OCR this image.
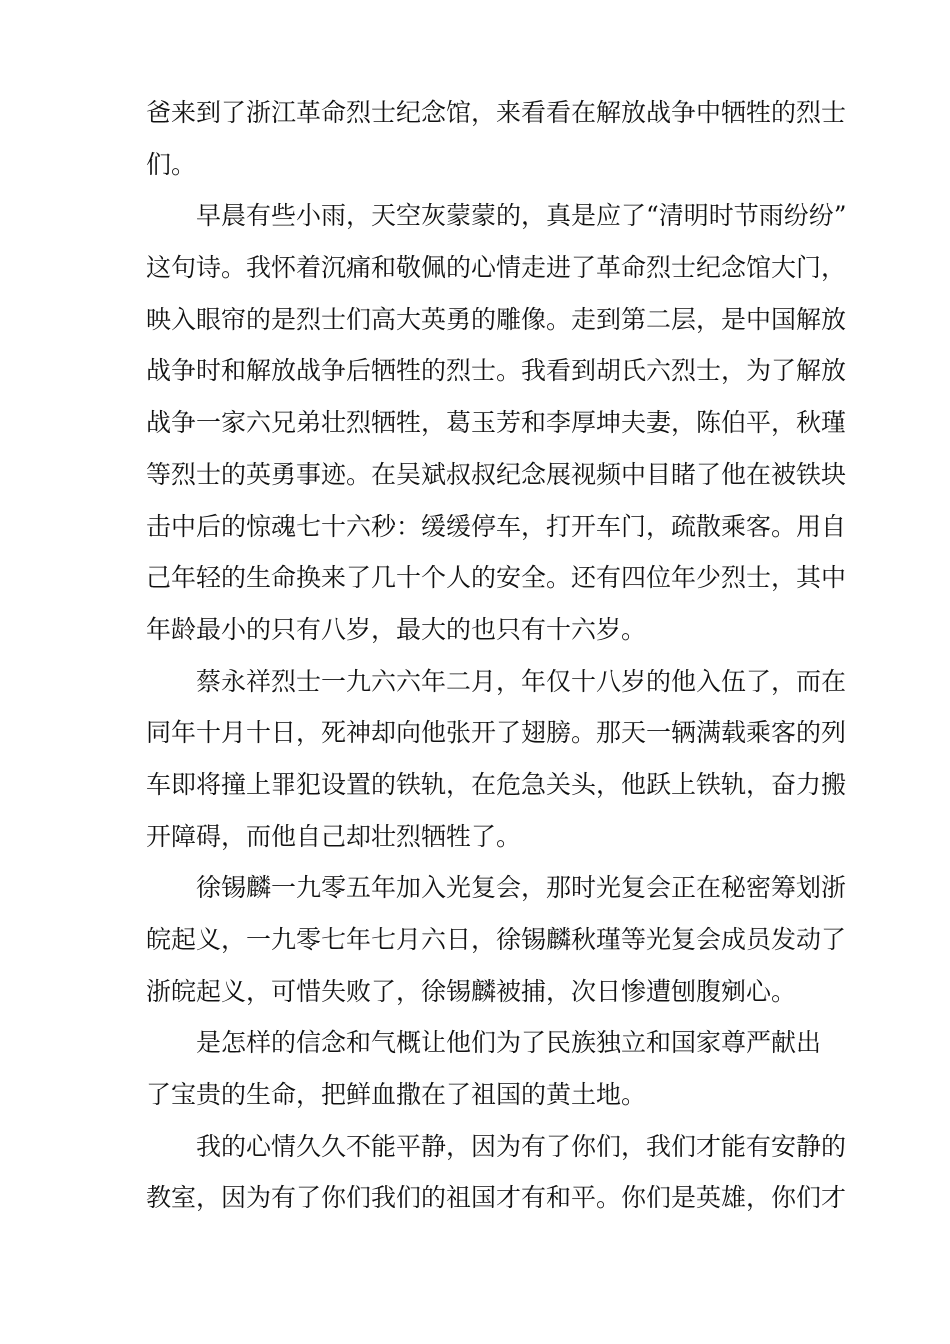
爸来到了浙江革命烈士纪念馆，来看看在解放战争中牺牲的烈士
们。
　　早晨有些小雨，天空灰蒙蒙的，真是应了“清明时节雨纷纷”
这句诗。我怀着沉痛和敬佩的心情走进了革命烈士纪念馆大门，
映入眼帘的是烈士们高大英勇的雕像。走到第二层，是中国解放
战争时和解放战争后牺牲的烈士。我看到胡氏六烈士，为了解放
战争一家六兄弟壮烈牺牲，葛玉芳和李厚坤夫妻，陈伯平，秋瑾
等烈士的英勇事迹。在吴斌叔叔纪念展视频中目睹了他在被铁块
击中后的惊魂七十六秒：缓缓停车，打开车门，疏散乘客。用自
己年轻的生命换来了几十个人的安全。还有四位年少烈士，其中
年龄最小的只有八岁，最大的也只有十六岁。
　　蔡永祥烈士一九六六年二月，年仅十八岁的他入伍了，而在
同年十月十日，死神却向他张开了翅膀。那天一辆满载乘客的列
车即将撞上罪犯设置的铁轨，在危急关头，他跃上铁轨，奋力搬
开障碍，而他自己却壮烈牺牲了。
　　徐锡麟一九零五年加入光复会，那时光复会正在秘密筹划浙
皖起义，一九零七年七月六日，徐锡麟秋瑾等光复会成员发动了
浙皖起义，可惜失败了，徐锡麟被捕，次日惨遭刨腹剜心。
　　是怎样的信念和气概让他们为了民族独立和国家尊严献出
了宝贵的生命，把鲜血撒在了祖国的黄土地。
　　我的心情久久不能平静，因为有了你们，我们才能有安静的
教室，因为有了你们我们的祖国才有和平。你们是英雄，你们才
